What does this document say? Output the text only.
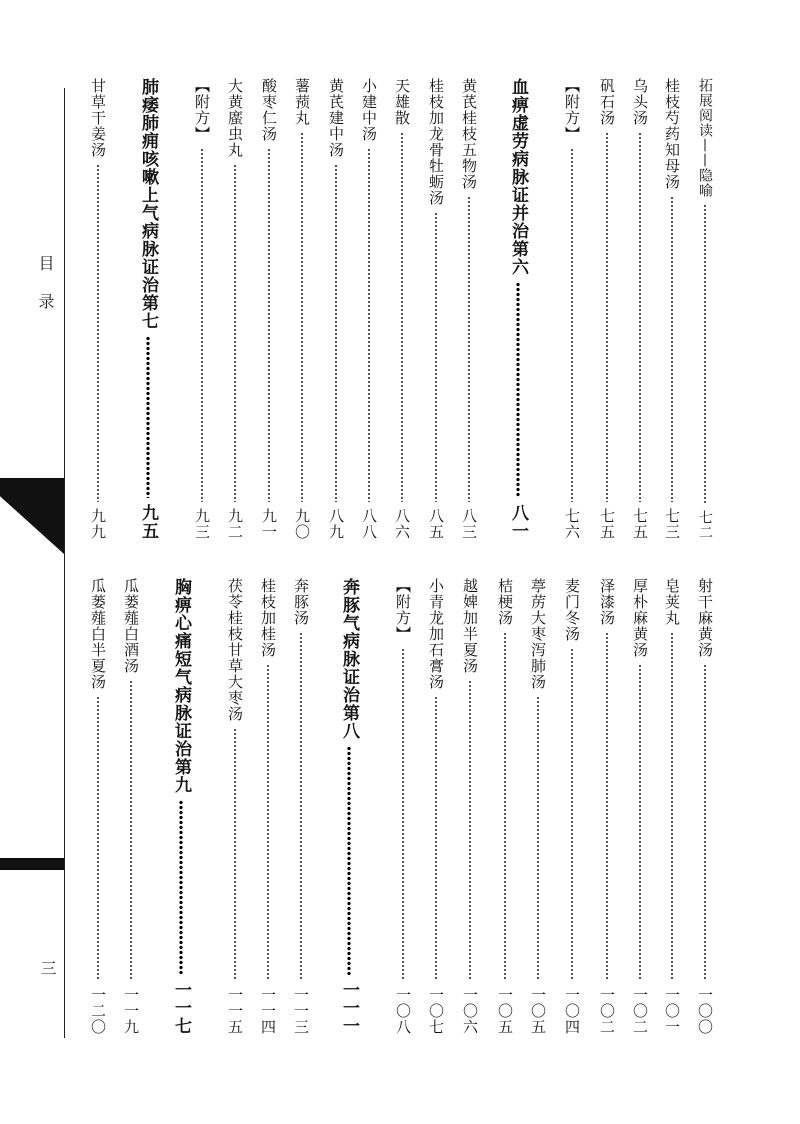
目录
三
拓展阅读——隐喻
七二
桂枝芍药知母汤
七三
乌头汤
七五
矾石汤
七五
【附方】
七六
血痹虚劳病脉证并治第六
八一
黄芪桂枝五物汤
八三
桂枝加龙骨牡蛎汤
八五
天雄散
八六
小建中汤
八八
黄芪建中汤
八九
薯蓣丸
九〇
酸枣仁汤
九一
大黄䗪虫丸
九二
【附方】
九三
肺痿肺痈咳嗽上气病脉证治第七
九五
甘草干姜汤
九九
射干麻黄汤
一〇〇
皂荚丸
一〇一
厚朴麻黄汤
一〇二
泽漆汤
一〇二
麦门冬汤
一〇四
葶苈大枣泻肺汤
一〇五
桔梗汤
一〇五
越婢加半夏汤
一〇六
小青龙加石膏汤
一〇七
【附方】
一〇八
奔豚气病脉证治第八
一一一
奔豚汤
一一三
桂枝加桂汤
一一四
茯苓桂枝甘草大枣汤
一一五
胸痹心痛短气病脉证治第九
一一七
瓜蒌薤白酒汤
一一九
瓜蒌薤白半夏汤
一二〇
